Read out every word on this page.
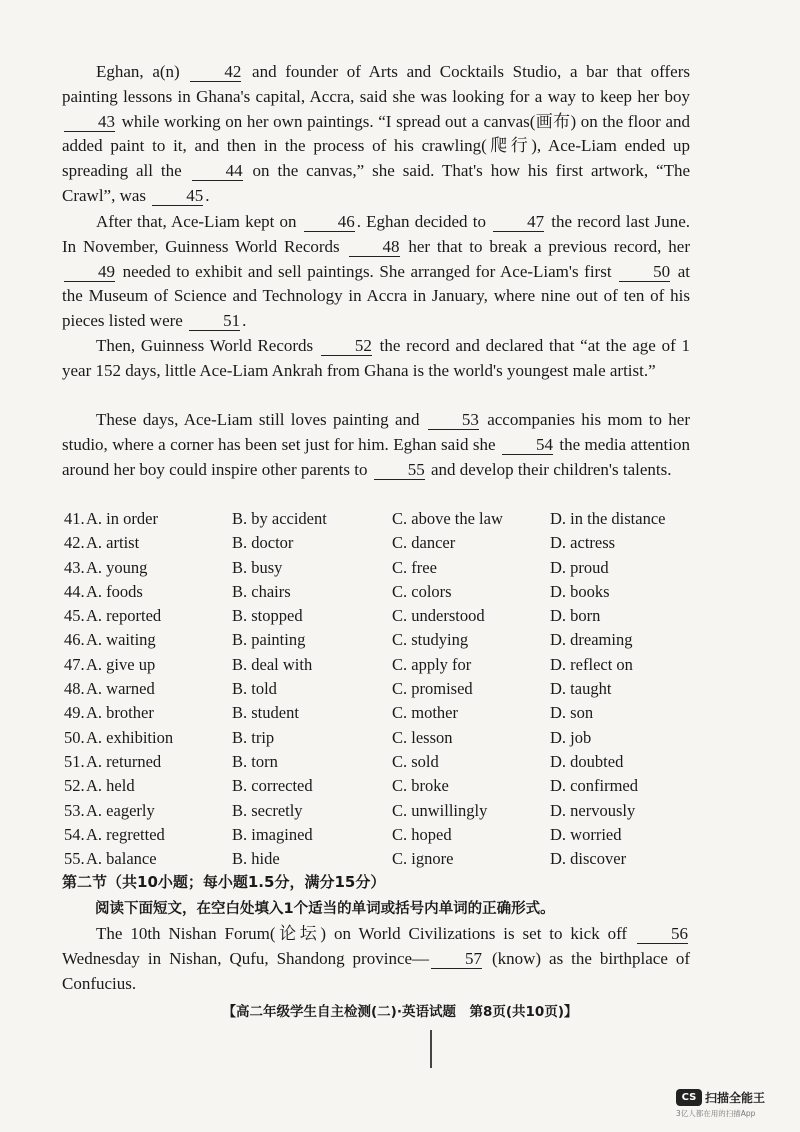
Eghan, a(n) 42 and founder of Arts and Cocktails Studio, a bar that offers painting lessons in Ghana's capital, Accra, said she was looking for a way to keep her boy 43 while working on her own paintings. “I spread out a canvas(画布) on the floor and added paint to it, and then in the process of his crawling(爬行), Ace-Liam ended up spreading all the 44 on the canvas,” she said. That's how his first artwork, “The Crawl”, was 45 .

After that, Ace-Liam kept on 46 . Eghan decided to 47 the record last June. In November, Guinness World Records 48 her that to break a previous record, her 49 needed to exhibit and sell paintings. She arranged for Ace-Liam's first 50 at the Museum of Science and Technology in Accra in January, where nine out of ten of his pieces listed were 51 .

Then, Guinness World Records 52 the record and declared that “at the age of 1 year 152 days, little Ace-Liam Ankrah from Ghana is the world's youngest male artist.”

These days, Ace-Liam still loves painting and 53 accompanies his mom to her studio, where a corner has been set just for him. Eghan said she 54 the media attention around her boy could inspire other parents to 55 and develop their children's talents.

41. A. in order	B. by accident	C. above the law	D. in the distance
42. A. artist	B. doctor	C. dancer	D. actress
43. A. young	B. busy	C. free	D. proud
44. A. foods	B. chairs	C. colors	D. books
45. A. reported	B. stopped	C. understood	D. born
46. A. waiting	B. painting	C. studying	D. dreaming
47. A. give up	B. deal with	C. apply for	D. reflect on
48. A. warned	B. told	C. promised	D. taught
49. A. brother	B. student	C. mother	D. son
50. A. exhibition	B. trip	C. lesson	D. job
51. A. returned	B. torn	C. sold	D. doubted
52. A. held	B. corrected	C. broke	D. confirmed
53. A. eagerly	B. secretly	C. unwillingly	D. nervously
54. A. regretted	B. imagined	C. hoped	D. worried
55. A. balance	B. hide	C. ignore	D. discover
第二节（共10小题；每小题1.5分，满分15分）
阅读下面短文，在空白处填入1个适当的单词或括号内单词的正确形式。

The 10th Nishan Forum(论坛) on World Civilizations is set to kick off 56 Wednesday in Nishan, Qufu, Shandong province— 57 (know) as the birthplace of Confucius.

【高二年级学生自主检测(二)·英语试题　第8页(共10页)】
CS 扫描全能王
3亿人都在用的扫描App
